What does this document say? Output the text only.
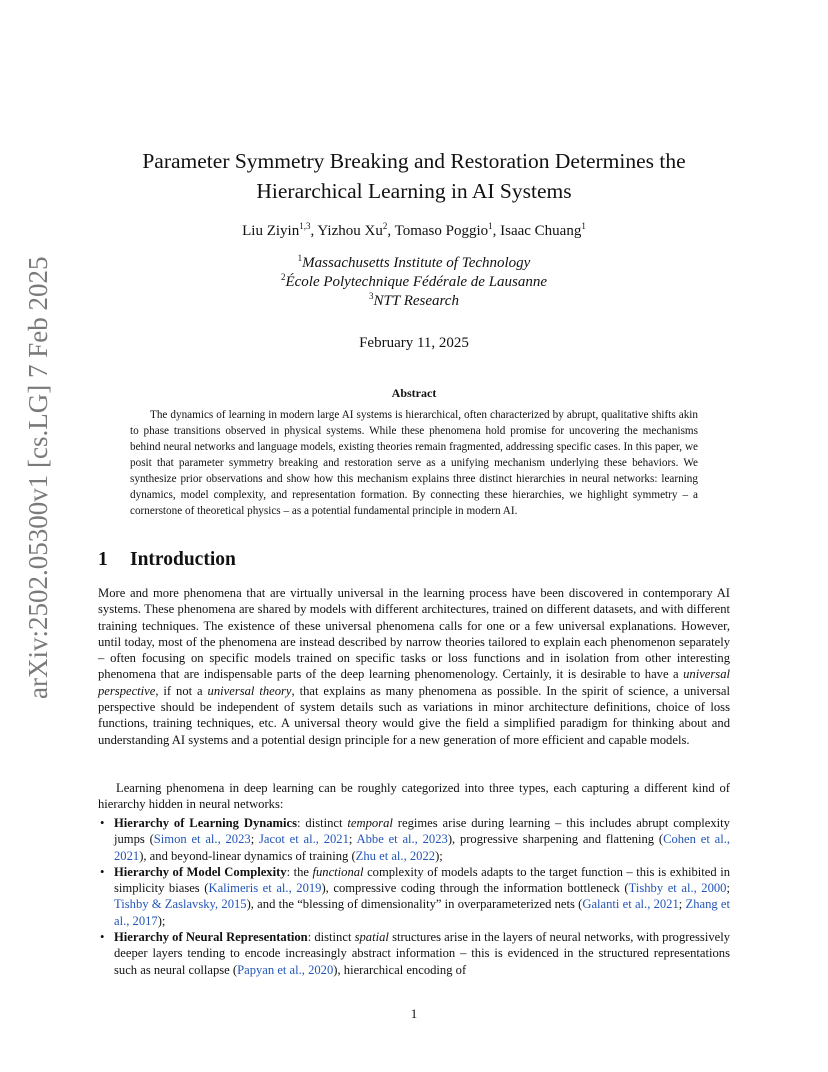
arXiv:2502.05300v1 [cs.LG] 7 Feb 2025
Parameter Symmetry Breaking and Restoration Determines the
Hierarchical Learning in AI Systems
Liu Ziyin$^{1,3}$, Yizhou Xu$^2$, Tomaso Poggio$^1$, Isaac Chuang$^1$
$^1$Massachusetts Institute of Technology
$^2$École Polytechnique Fédérale de Lausanne
$^3$NTT Research
February 11, 2025
Abstract
The dynamics of learning in modern large AI systems is hierarchical, often characterized by abrupt, qualitative shifts akin to phase transitions observed in physical systems. While these phenomena hold promise for uncovering the mechanisms behind neural networks and language models, existing theories remain fragmented, addressing specific cases. In this paper, we posit that parameter symmetry breaking and restoration serve as a unifying mechanism underlying these behaviors. We synthesize prior observations and show how this mechanism explains three distinct hierarchies in neural networks: learning dynamics, model complexity, and representation formation. By connecting these hierarchies, we highlight symmetry – a cornerstone of theoretical physics – as a potential fundamental principle in modern AI.
1 Introduction
More and more phenomena that are virtually universal in the learning process have been discovered in contemporary AI systems. These phenomena are shared by models with different architectures, trained on different datasets, and with different training techniques. The existence of these universal phenomena calls for one or a few universal explanations. However, until today, most of the phenomena are instead described by narrow theories tailored to explain each phenomenon separately – often focusing on specific models trained on specific tasks or loss functions and in isolation from other interesting phenomena that are indispensable parts of the deep learning phenomenology. Certainly, it is desirable to have a universal perspective, if not a universal theory, that explains as many phenomena as possible. In the spirit of science, a universal perspective should be independent of system details such as variations in minor architecture definitions, choice of loss functions, training techniques, etc. A universal theory would give the field a simplified paradigm for thinking about and understanding AI systems and a potential design principle for a new generation of more efficient and capable models.
Learning phenomena in deep learning can be roughly categorized into three types, each capturing a different kind of hierarchy hidden in neural networks:
• Hierarchy of Learning Dynamics: distinct temporal regimes arise during learning – this includes abrupt complexity jumps (Simon et al., 2023; Jacot et al., 2021; Abbe et al., 2023), progressive sharpening and flattening (Cohen et al., 2021), and beyond-linear dynamics of training (Zhu et al., 2022);
• Hierarchy of Model Complexity: the functional complexity of models adapts to the target function – this is exhibited in simplicity biases (Kalimeris et al., 2019), compressive coding through the information bottleneck (Tishby et al., 2000; Tishby & Zaslavsky, 2015), and the “blessing of dimensionality” in overparameterized nets (Galanti et al., 2021; Zhang et al., 2017);
• Hierarchy of Neural Representation: distinct spatial structures arise in the layers of neural networks, with progressively deeper layers tending to encode increasingly abstract information – this is evidenced in the structured representations such as neural collapse (Papyan et al., 2020), hierarchical encoding of
1
